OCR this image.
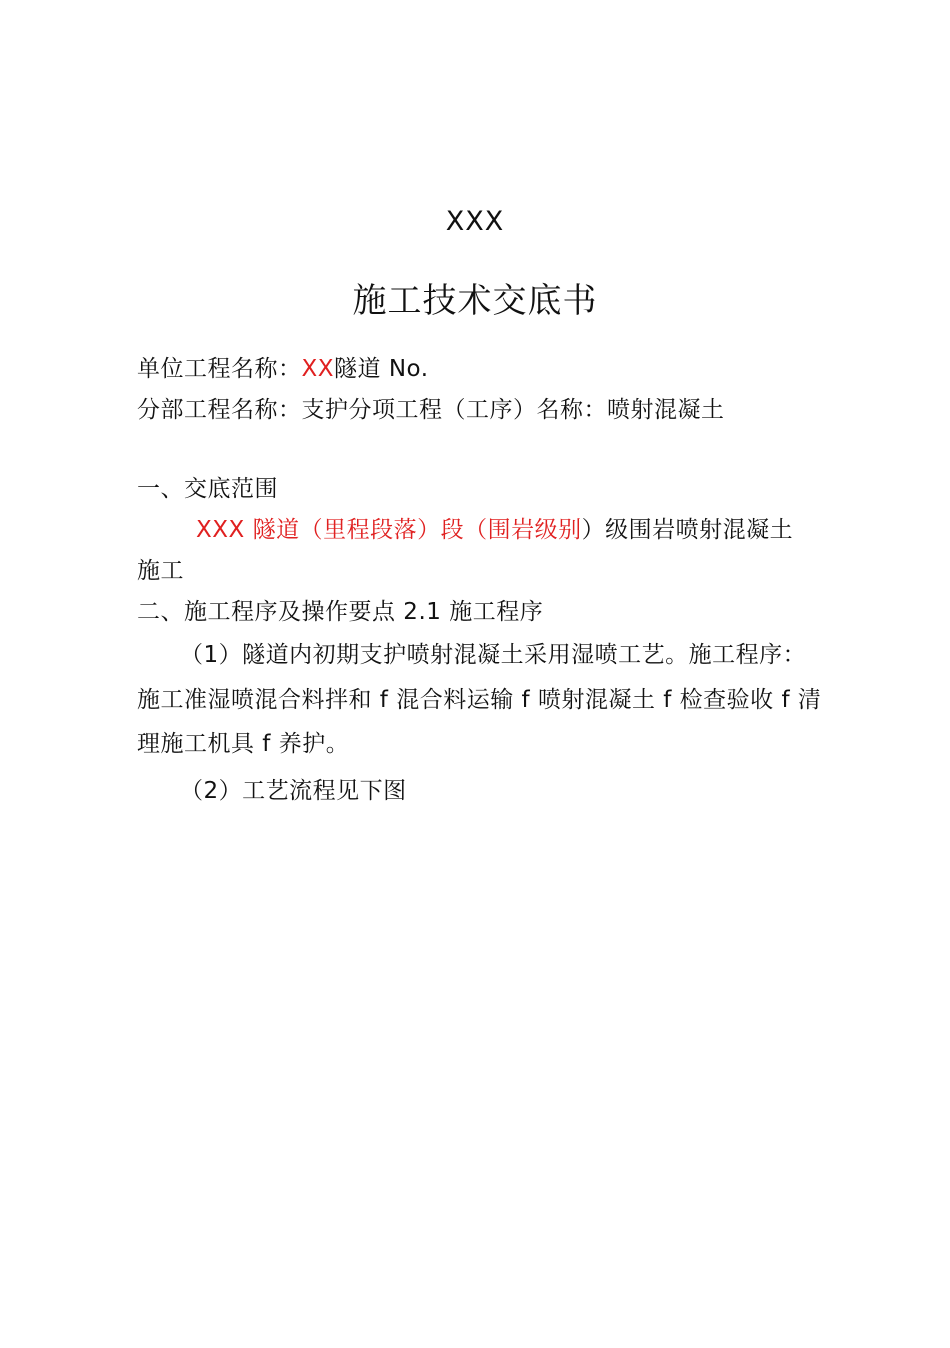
XXX
施工技术交底书
单位工程名称：XX隧道 No.
分部工程名称：支护分项工程（工序）名称：喷射混凝土
一、交底范围
XXX 隧道（里程段落）段（围岩级别）级围岩喷射混凝土
施工
二、施工程序及操作要点 2.1 施工程序
（1）隧道内初期支护喷射混凝土采用湿喷工艺。施工程序：
施工准湿喷混合料拌和 f 混合料运输 f 喷射混凝土 f 检查验收 f 清
理施工机具 f 养护。
（2）工艺流程见下图
